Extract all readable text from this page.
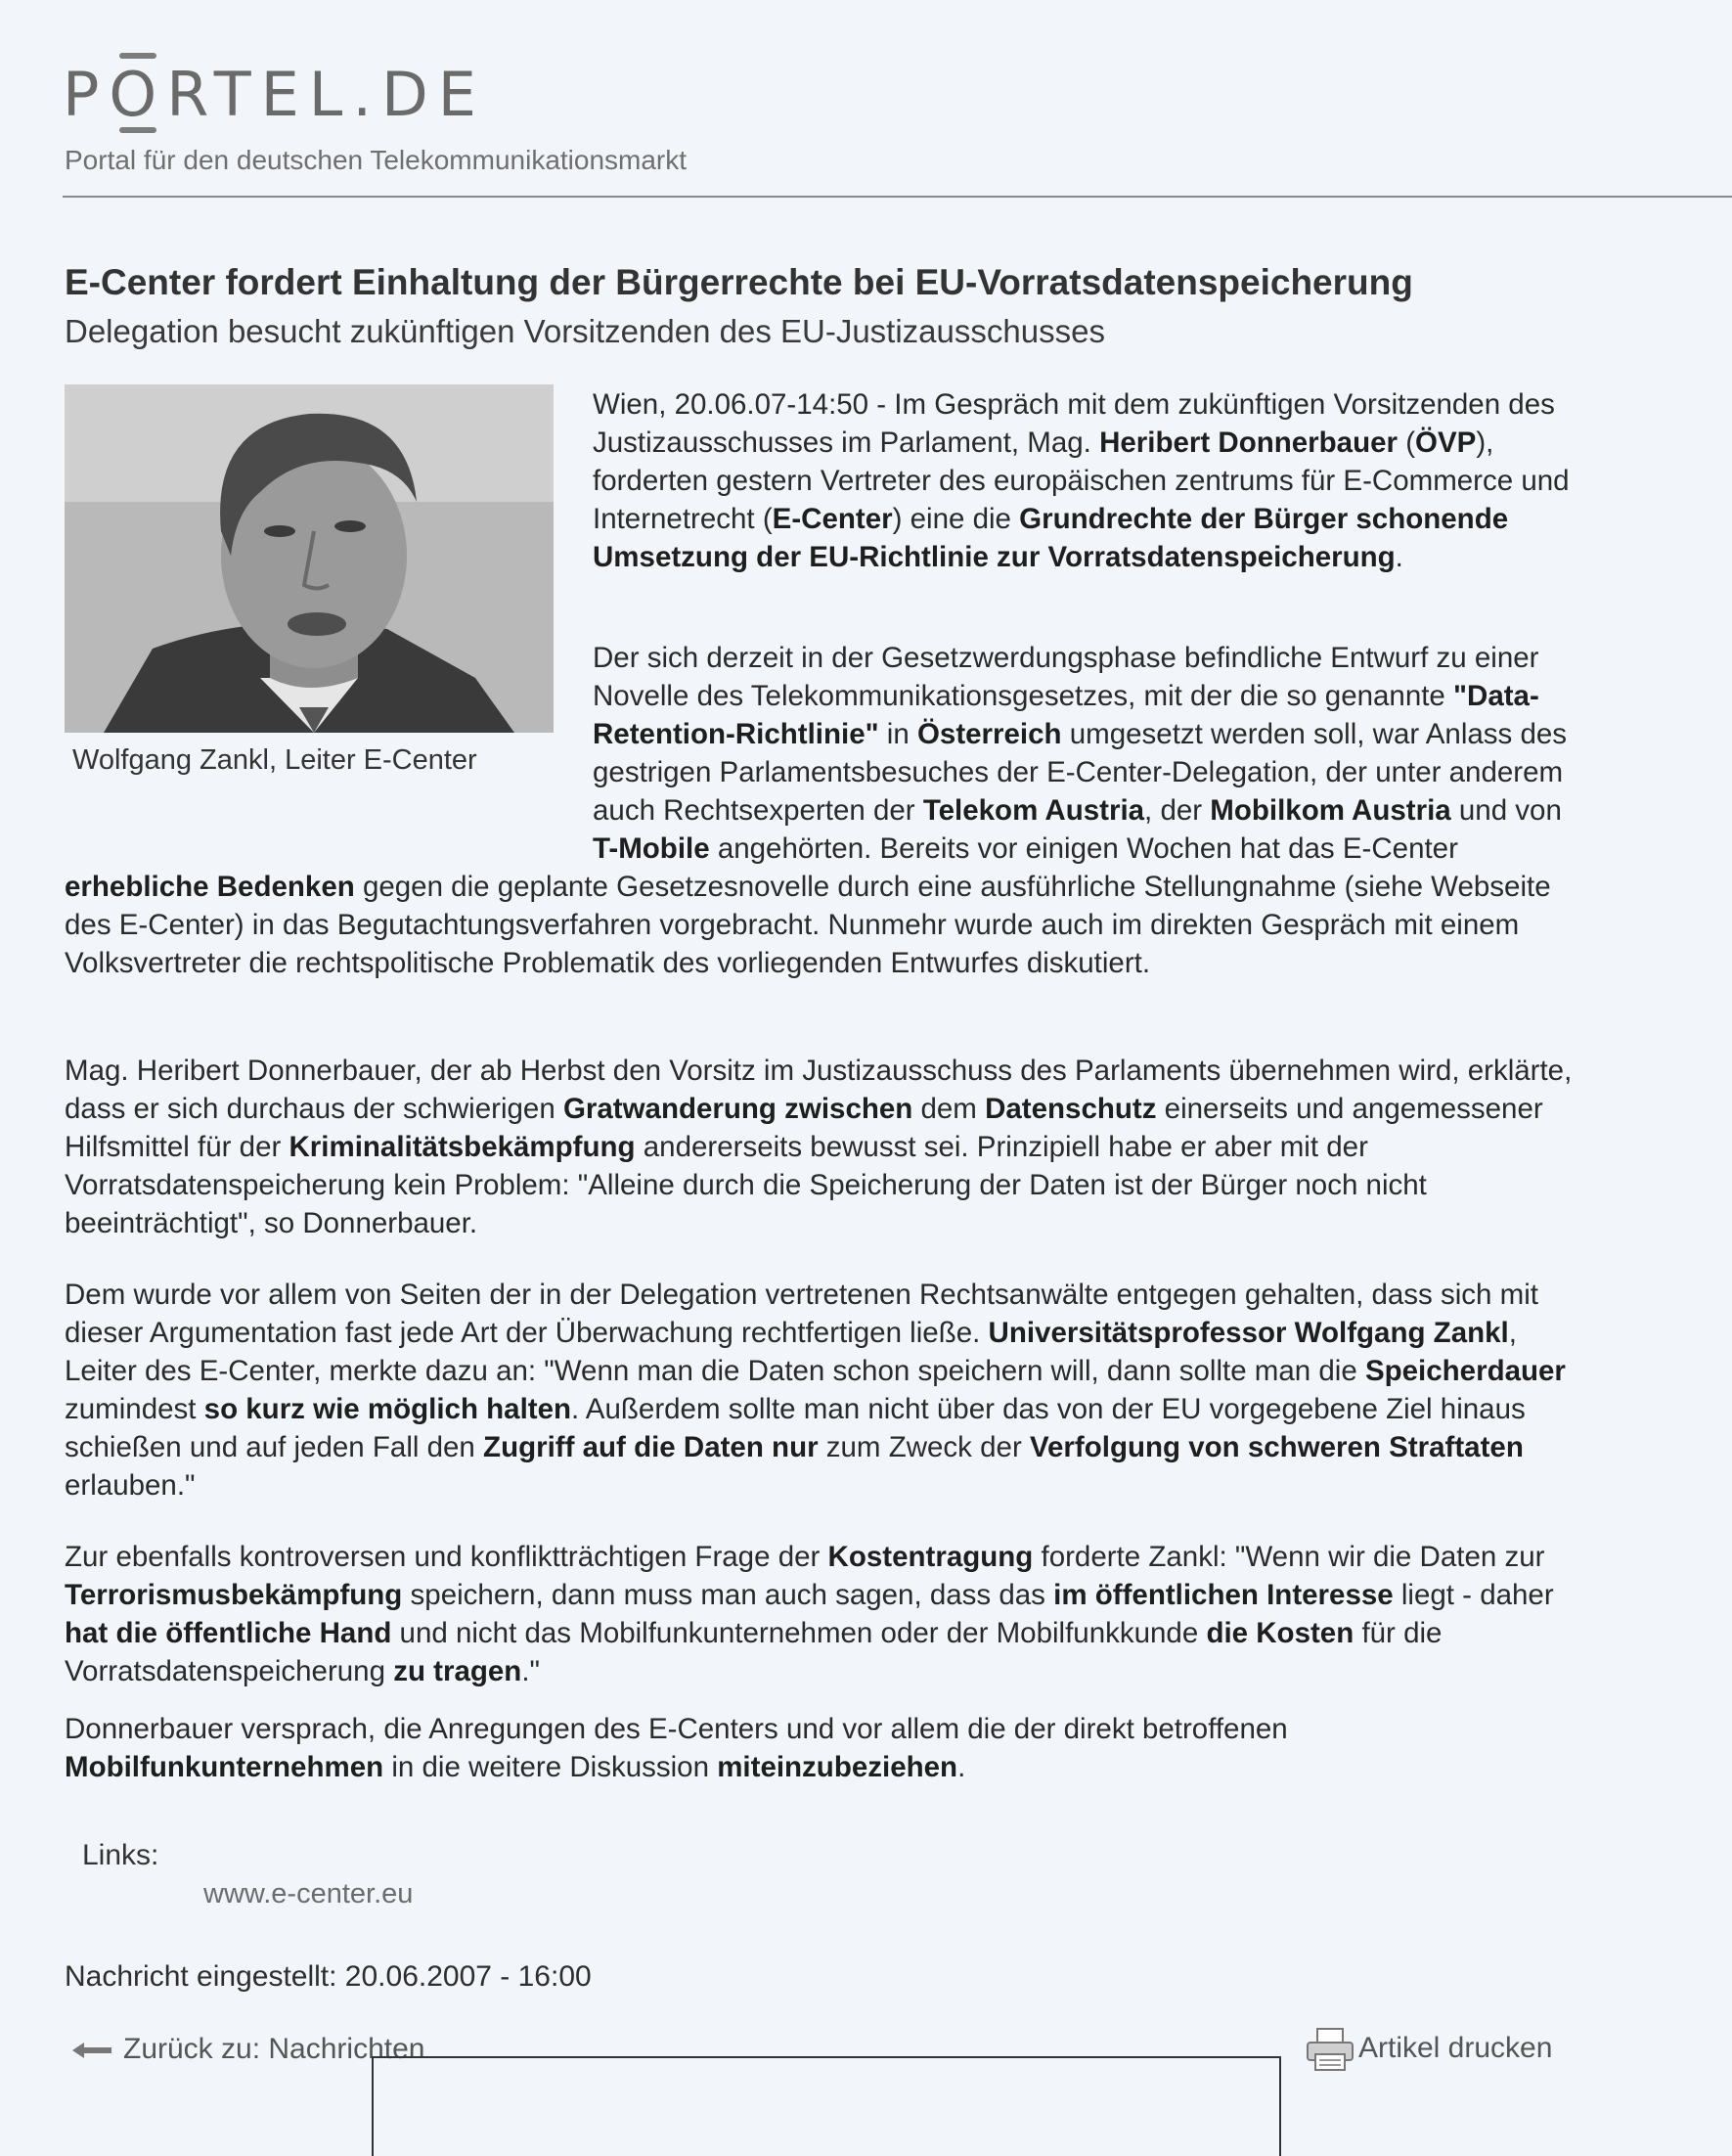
PORTEL.DE
Portal für den deutschen Telekommunikationsmarkt
E-Center fordert Einhaltung der Bürgerrechte bei EU-Vorratsdatenspeicherung
Delegation besucht zukünftigen Vorsitzenden des EU-Justizausschusses
Wolfgang Zankl, Leiter E-Center
Wien, 20.06.07-14:50 - Im Gespräch mit dem zukünftigen Vorsitzenden des Justizausschusses im Parlament, Mag. Heribert Donnerbauer (ÖVP), forderten gestern Vertreter des europäischen zentrums für E-Commerce und Internetrecht (E-Center) eine die Grundrechte der Bürger schonende Umsetzung der EU-Richtlinie zur Vorratsdatenspeicherung.
Der sich derzeit in der Gesetzwerdungsphase befindliche Entwurf zu einer Novelle des Telekommunikationsgesetzes, mit der die so genannte "Data-Retention-Richtlinie" in Österreich umgesetzt werden soll, war Anlass des gestrigen Parlamentsbesuches der E-Center-Delegation, der unter anderem auch Rechtsexperten der Telekom Austria, der Mobilkom Austria und von T-Mobile angehörten. Bereits vor einigen Wochen hat das E-Center erhebliche Bedenken gegen die geplante Gesetzesnovelle durch eine ausführliche Stellungnahme (siehe Webseite des E-Center) in das Begutachtungsverfahren vorgebracht. Nunmehr wurde auch im direkten Gespräch mit einem Volksvertreter die rechtspolitische Problematik des vorliegenden Entwurfes diskutiert.
Mag. Heribert Donnerbauer, der ab Herbst den Vorsitz im Justizausschuss des Parlaments übernehmen wird, erklärte, dass er sich durchaus der schwierigen Gratwanderung zwischen dem Datenschutz einerseits und angemessener Hilfsmittel für der Kriminalitätsbekämpfung andererseits bewusst sei. Prinzipiell habe er aber mit der Vorratsdatenspeicherung kein Problem: "Alleine durch die Speicherung der Daten ist der Bürger noch nicht beeinträchtigt", so Donnerbauer.
Dem wurde vor allem von Seiten der in der Delegation vertretenen Rechtsanwälte entgegen gehalten, dass sich mit dieser Argumentation fast jede Art der Überwachung rechtfertigen ließe. Universitätsprofessor Wolfgang Zankl, Leiter des E-Center, merkte dazu an: "Wenn man die Daten schon speichern will, dann sollte man die Speicherdauer zumindest so kurz wie möglich halten. Außerdem sollte man nicht über das von der EU vorgegebene Ziel hinaus schießen und auf jeden Fall den Zugriff auf die Daten nur zum Zweck der Verfolgung von schweren Straftaten erlauben."
Zur ebenfalls kontroversen und konfliktträchtigen Frage der Kostentragung forderte Zankl: "Wenn wir die Daten zur Terrorismusbekämpfung speichern, dann muss man auch sagen, dass das im öffentlichen Interesse liegt - daher hat die öffentliche Hand und nicht das Mobilfunkunternehmen oder der Mobilfunkkunde die Kosten für die Vorratsdatenspeicherung zu tragen."
Donnerbauer versprach, die Anregungen des E-Centers und vor allem die der direkt betroffenen Mobilfunkunternehmen in die weitere Diskussion miteinzubeziehen.
Links:
www.e-center.eu
Nachricht eingestellt: 20.06.2007 - 16:00
Zurück zu: Nachrichten	Artikel drucken
